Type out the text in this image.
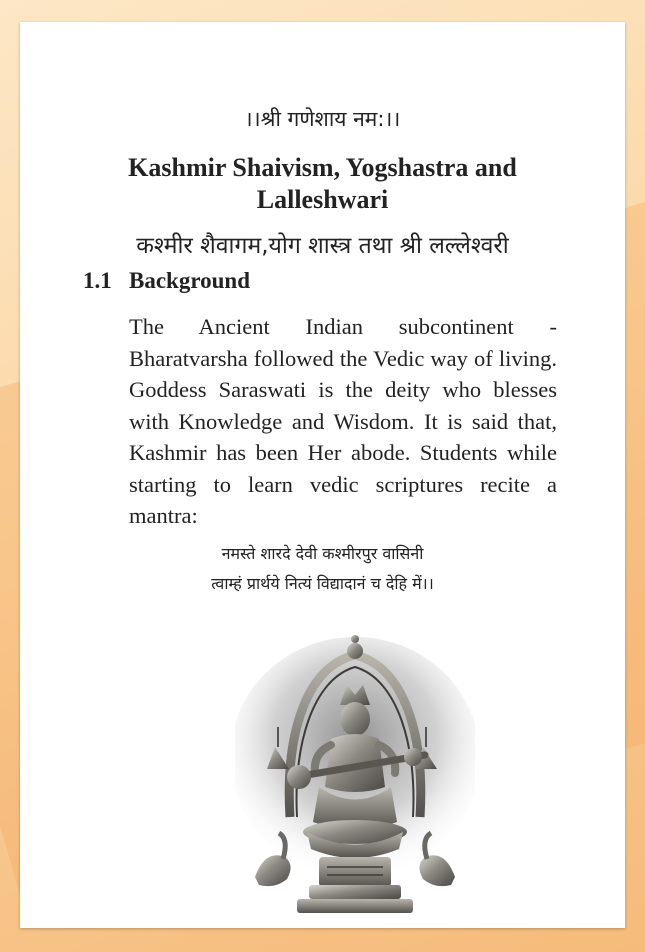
।।श्री गणेशाय नम:।।
Kashmir Shaivism, Yogshastra and Lalleshwari
कश्मीर शैवागम,योग शास्त्र तथा श्री लल्लेश्वरी
1.1 Background

The Ancient Indian subcontinent - Bharatvarsha followed the Vedic way of living. Goddess Saraswati is the deity who blesses with Knowledge and Wisdom. It is said that, Kashmir has been Her abode. Students while starting to learn vedic scriptures recite a mantra:

नमस्ते शारदे देवी कश्मीरपुर वासिनी
त्वाम्हं प्रार्थये नित्यं विद्यादानं च देहि में।।
